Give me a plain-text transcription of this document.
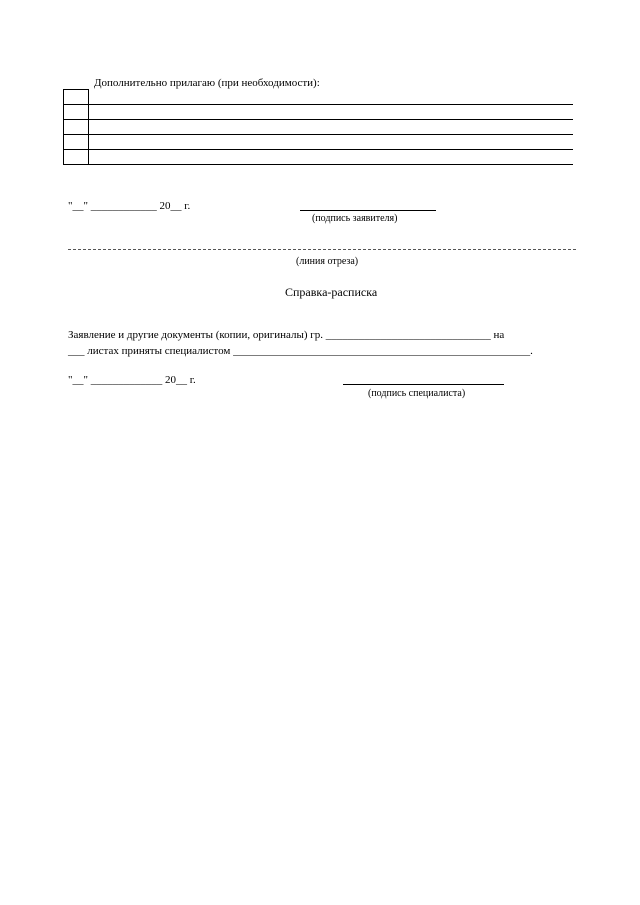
Дополнительно прилагаю (при необходимости):

"__" ____________ 20__ г.
(подпись заявителя)
(линия отреза)
Справка-расписка
Заявление и другие документы (копии, оригиналы) гр. ______________________________ на
___ листах приняты специалистом ______________________________________________________.
"__" _____________ 20__ г.
(подпись специалиста)
